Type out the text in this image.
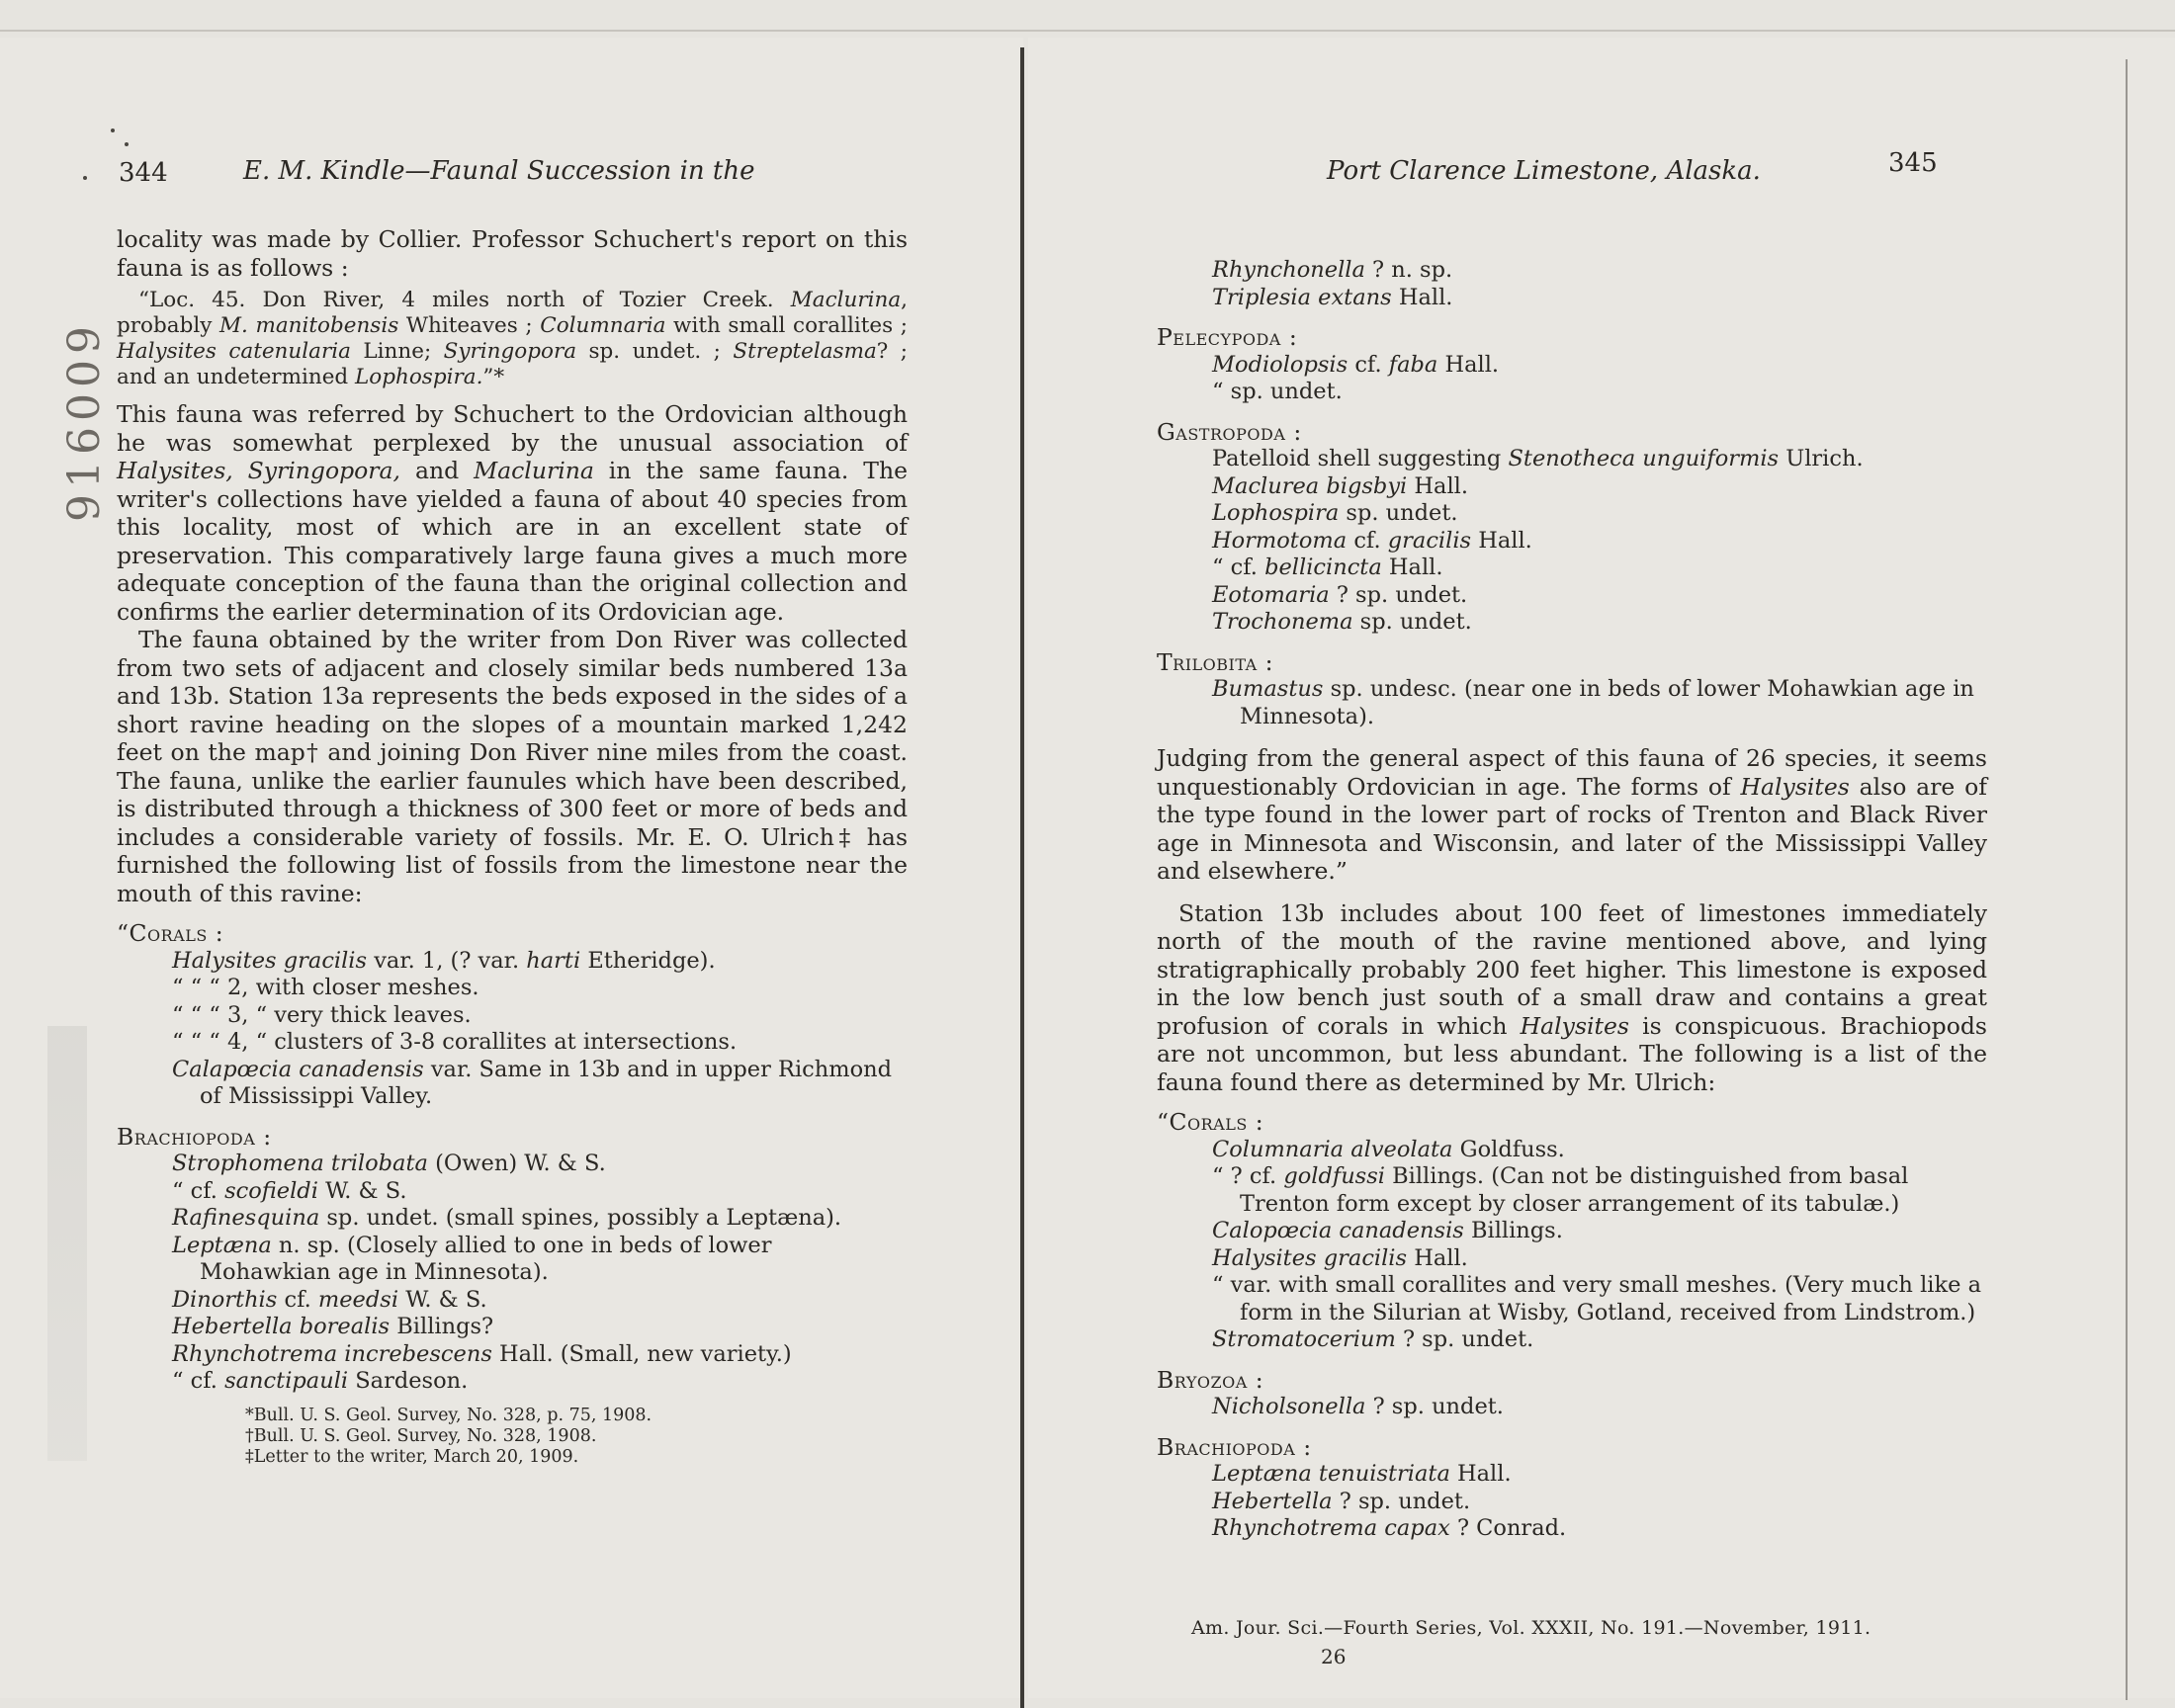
344	E. M. Kindle—Faunal Succession in the
916009

locality was made by Collier. Professor Schuchert's report on this fauna is as follows :

“Loc. 45. Don River, 4 miles north of Tozier Creek. Maclurina, probably M. manitobensis Whiteaves ; Columnaria with small corallites ; Halysites catenularia Linne; Syringopora sp. undet. ; Streptelasma? ; and an undetermined Lophospira.”*

This fauna was referred by Schuchert to the Ordovician although he was somewhat perplexed by the unusual association of Halysites, Syringopora, and Maclurina in the same fauna. The writer's collections have yielded a fauna of about 40 species from this locality, most of which are in an excellent state of preservation. This comparatively large fauna gives a much more adequate conception of the fauna than the original collection and confirms the earlier determination of its Ordovician age.

The fauna obtained by the writer from Don River was collected from two sets of adjacent and closely similar beds numbered 13a and 13b. Station 13a represents the beds exposed in the sides of a short ravine heading on the slopes of a mountain marked 1,242 feet on the map† and joining Don River nine miles from the coast. The fauna, unlike the earlier faunules which have been described, is distributed through a thickness of 300 feet or more of beds and includes a considerable variety of fossils. Mr. E. O. Ulrich‡ has furnished the following list of fossils from the limestone near the mouth of this ravine:

“Corals :

Halysites gracilis var. 1, (? var. harti Etheridge).
“ “ “ 2, with closer meshes.
“ “ “ 3, “ very thick leaves.
“ “ “ 4, “ clusters of 3-8 corallites at intersections.
Calapœcia canadensis var. Same in 13b and in upper Richmond of Mississippi Valley.

Brachiopoda :

Strophomena trilobata (Owen) W. & S.
“ cf. scofieldi W. & S.
Rafinesquina sp. undet. (small spines, possibly a Leptæna).
Leptæna n. sp. (Closely allied to one in beds of lower Mohawkian age in Minnesota).
Dinorthis cf. meedsi W. & S.
Hebertella borealis Billings?
Rhynchotrema increbescens Hall. (Small, new variety.)
“ cf. sanctipauli Sardeson.
*Bull. U. S. Geol. Survey, No. 328, p. 75, 1908.
†Bull. U. S. Geol. Survey, No. 328, 1908.
‡Letter to the writer, March 20, 1909.
Port Clarence Limestone, Alaska.	345
Rhynchonella ? n. sp.
Triplesia extans Hall.

Pelecypoda :

Modiolopsis cf. faba Hall.
“ sp. undet.

Gastropoda :

Patelloid shell suggesting Stenotheca unguiformis Ulrich.
Maclurea bigsbyi Hall.
Lophospira sp. undet.
Hormotoma cf. gracilis Hall.
“ cf. bellicincta Hall.
Eotomaria ? sp. undet.
Trochonema sp. undet.

Trilobita :

Bumastus sp. undesc. (near one in beds of lower Mohawkian age in Minnesota).

Judging from the general aspect of this fauna of 26 species, it seems unquestionably Ordovician in age. The forms of Halysites also are of the type found in the lower part of rocks of Trenton and Black River age in Minnesota and Wisconsin, and later of the Mississippi Valley and elsewhere.”

Station 13b includes about 100 feet of limestones immediately north of the mouth of the ravine mentioned above, and lying stratigraphically probably 200 feet higher. This limestone is exposed in the low bench just south of a small draw and contains a great profusion of corals in which Halysites is conspicuous. Brachiopods are not uncommon, but less abundant. The following is a list of the fauna found there as determined by Mr. Ulrich:

“Corals :

Columnaria alveolata Goldfuss.
“ ? cf. goldfussi Billings. (Can not be distinguished from basal Trenton form except by closer arrangement of its tabulæ.)
Calopœcia canadensis Billings.
Halysites gracilis Hall.
“ var. with small corallites and very small meshes. (Very much like a form in the Silurian at Wisby, Gotland, received from Lindstrom.)
Stromatocerium ? sp. undet.

Bryozoa :

Nicholsonella ? sp. undet.

Brachiopoda :

Leptæna tenuistriata Hall.
Hebertella ? sp. undet.
Rhynchotrema capax ? Conrad.
Am. Jour. Sci.—Fourth Series, Vol. XXXII, No. 191.—November, 1911.
26
